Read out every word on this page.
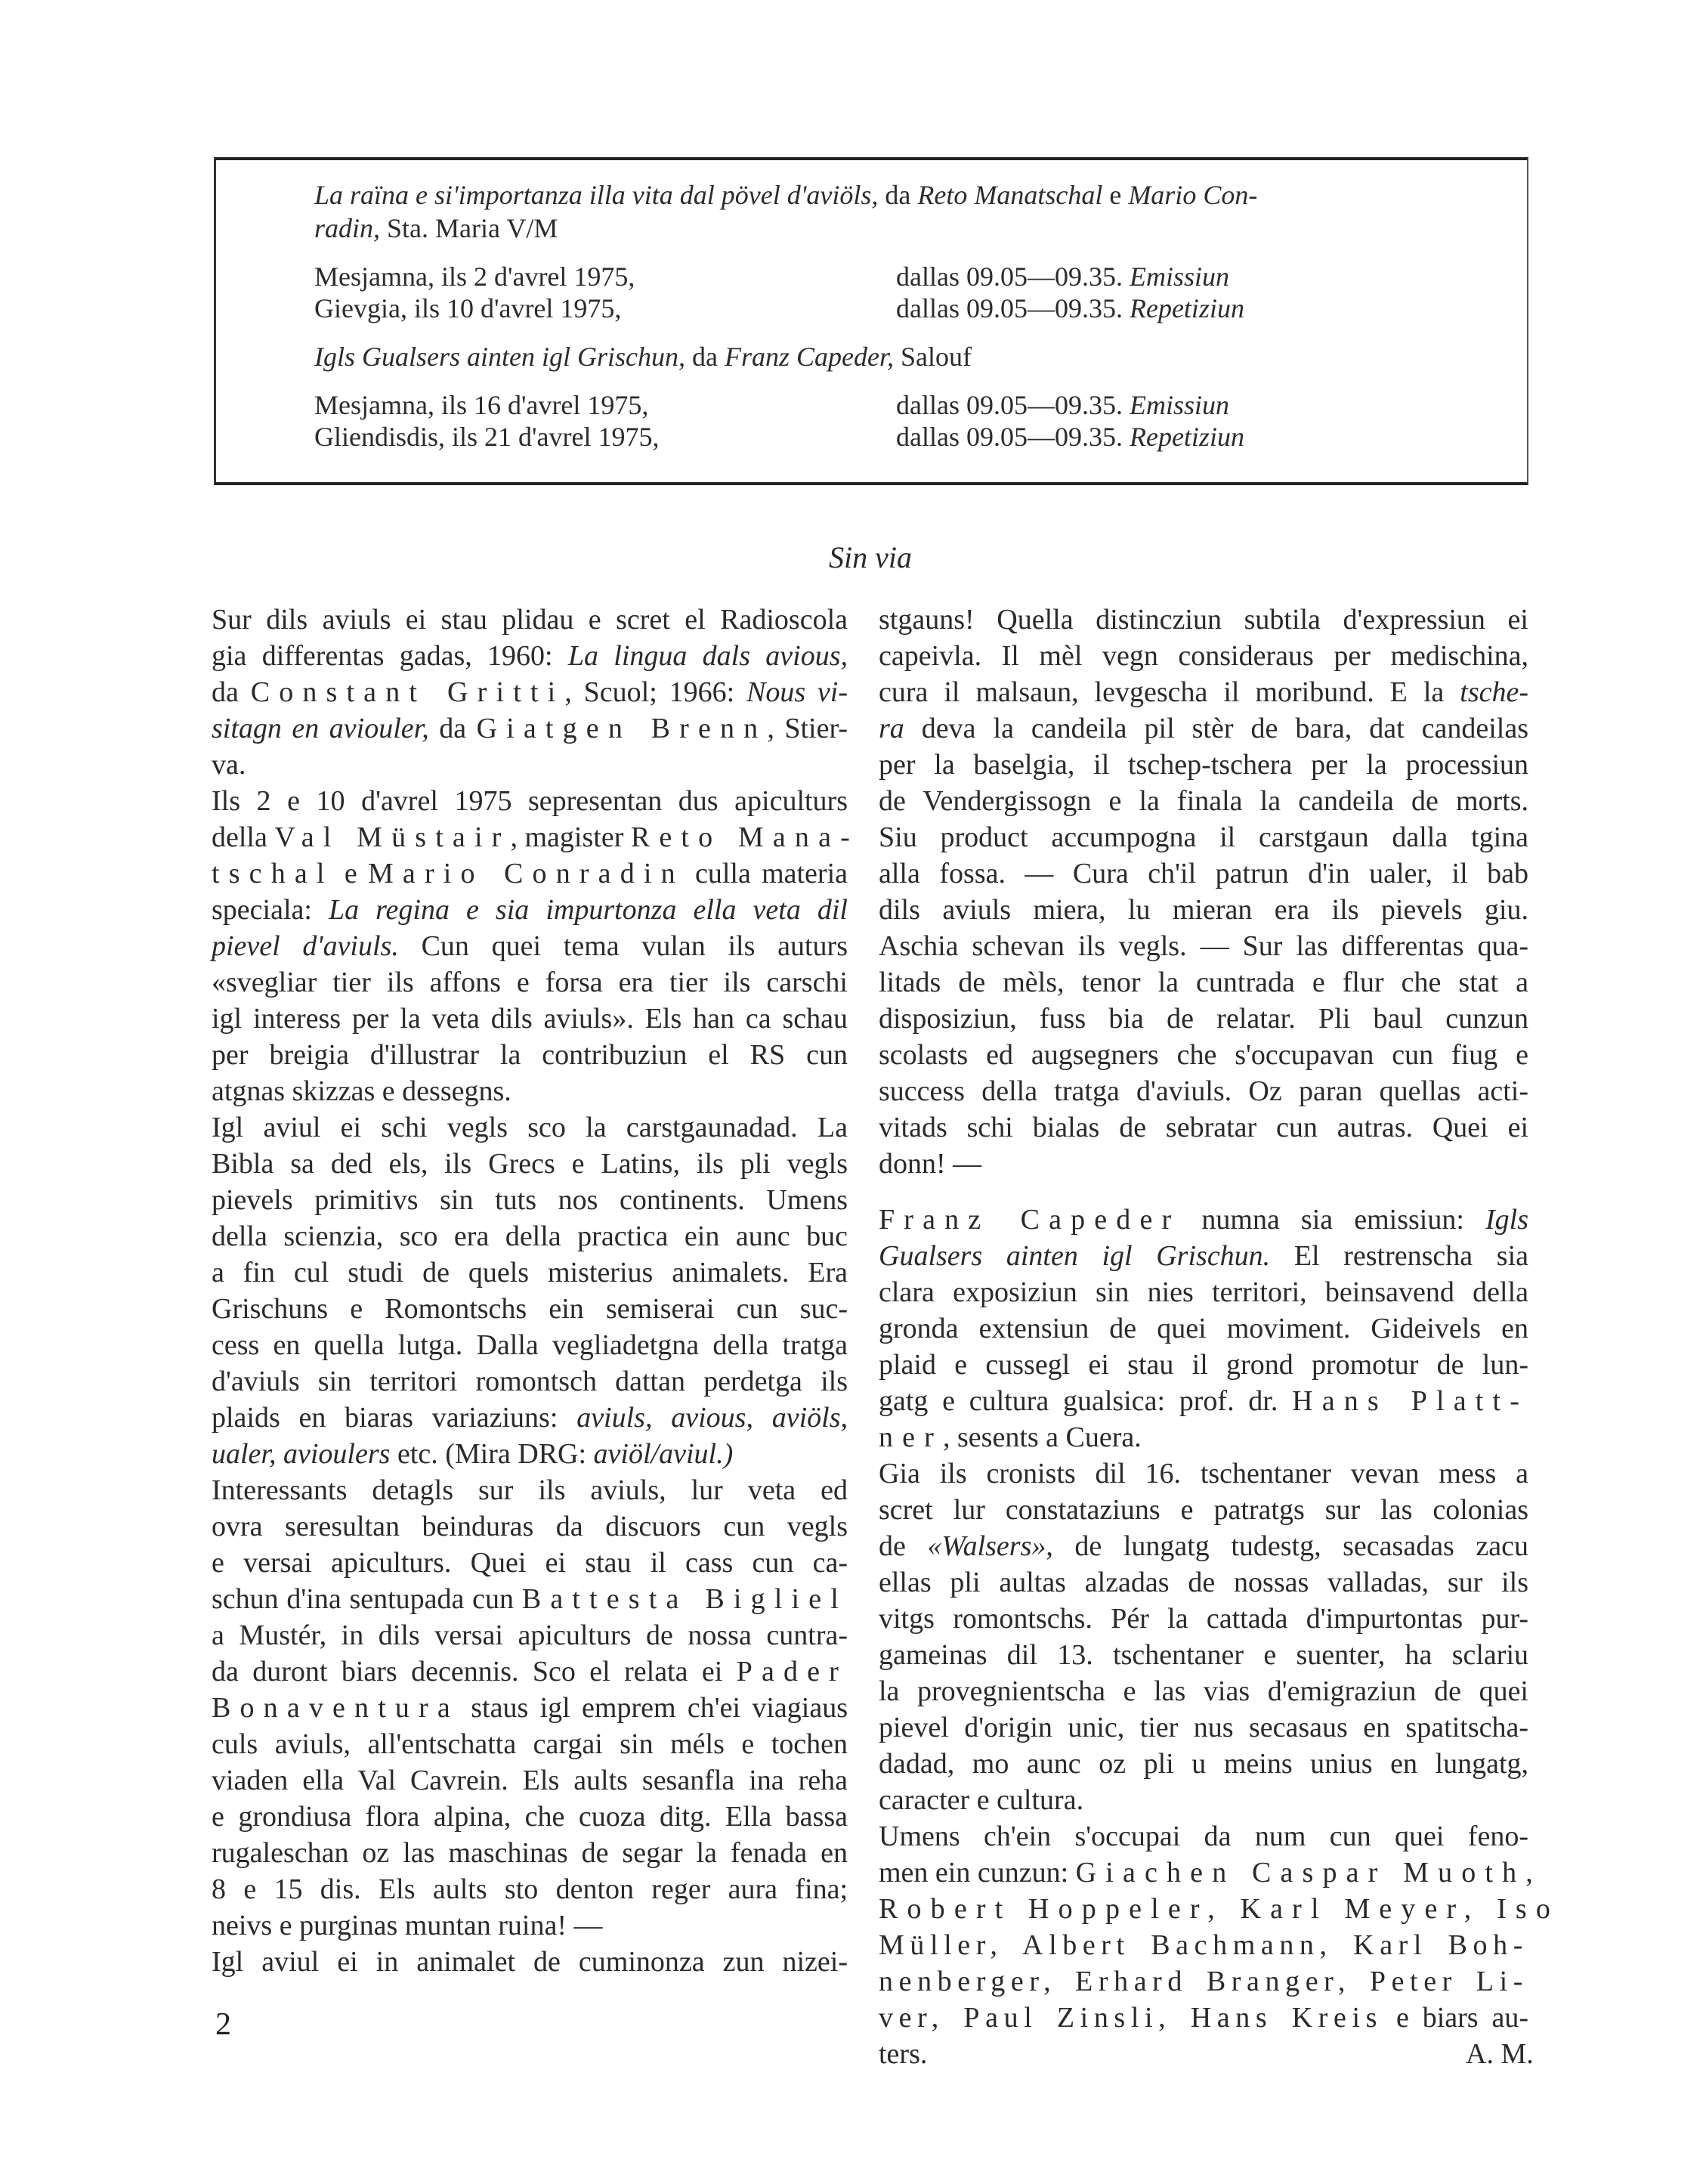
La raïna e si'importanza illa vita dal pövel d'aviöls, da Reto Manatschal e Mario Con-
radin, Sta. Maria V/M
Mesjamna, ils 2 d'avrel 1975,	dallas 09.05—09.35. Emissiun
Gievgia, ils 10 d'avrel 1975,	dallas 09.05—09.35. Repetiziun
Igls Gualsers ainten igl Grischun, da Franz Capeder, Salouf
Mesjamna, ils 16 d'avrel 1975,	dallas 09.05—09.35. Emissiun
Gliendisdis, ils 21 d'avrel 1975,	dallas 09.05—09.35. Repetiziun
Sin via
Sur dils aviuls ei stau plidau e scret el Radioscola
gia differentas gadas, 1960: La lingua dals avious,
da Constant Gritti, Scuol; 1966: Nous vi-
sitagn en aviouler, da Giatgen Brenn, Stier-
va.
Ils 2 e 10 d'avrel 1975 sepresentan dus apiculturs
della Val Müstair, magister Reto Mana-
tschal e Mario Conradin culla materia
speciala: La regina e sia impurtonza ella veta dil
pievel d'aviuls. Cun quei tema vulan ils auturs
«svegliar tier ils affons e forsa era tier ils carschi
igl interess per la veta dils aviuls». Els han ca schau
per breigia d'illustrar la contribuziun el RS cun
atgnas skizzas e dessegns.
Igl aviul ei schi vegls sco la carstgaunadad. La
Bibla sa ded els, ils Grecs e Latins, ils pli vegls
pievels primitivs sin tuts nos continents. Umens
della scienzia, sco era della practica ein aunc buc
a fin cul studi de quels misterius animalets. Era
Grischuns e Romontschs ein semiserai cun suc-
cess en quella lutga. Dalla vegliadetgna della tratga
d'aviuls sin territori romontsch dattan perdetga ils
plaids en biaras variaziuns: aviuls, avious, aviöls,
ualer, avioulers etc. (Mira DRG: aviöl/aviul.)
Interessants detagls sur ils aviuls, lur veta ed
ovra seresultan beinduras da discuors cun vegls
e versai apiculturs. Quei ei stau il cass cun ca-
schun d'ina sentupada cun Battesta Bigliel
a Mustér, in dils versai apiculturs de nossa cuntra-
da duront biars decennis. Sco el relata ei Pader
Bonaventura staus igl emprem ch'ei viagiaus
culs aviuls, all'entschatta cargai sin méls e tochen
viaden ella Val Cavrein. Els aults sesanfla ina reha
e grondiusa flora alpina, che cuoza ditg. Ella bassa
stgauns! Quella distincziun subtila d'expressiun ei
capeivla. Il mèl vegn consideraus per medischina,
cura il malsaun, levgescha il moribund. E la tsche-
ra deva la candeila pil stèr de bara, dat candeilas
per la baselgia, il tschep-tschera per la processiun
de Vendergissogn e la finala la candeila de morts.
Siu product accumpogna il carstgaun dalla tgina
alla fossa. — Cura ch'il patrun d'in ualer, il bab
dils aviuls miera, lu mieran era ils pievels giu.
Aschia schevan ils vegls. — Sur las differentas qua-
litads de mèls, tenor la cuntrada e flur che stat a
disposiziun, fuss bia de relatar. Pli baul cunzun
scolasts ed augsegners che s'occupavan cun fiug e
success della tratga d'aviuls. Oz paran quellas acti-
vitads schi bialas de sebratar cun autras. Quei ei
donn! —
Franz Capeder numna sia emissiun: Igls
Gualsers ainten igl Grischun. El restrenscha sia
clara exposiziun sin nies territori, beinsavend della
gronda extensiun de quei moviment. Gideivels en
plaid e cussegl ei stau il grond promotur de lun-
gatg e cultura gualsica: prof. dr. Hans Platt-
ner, sesents a Cuera.
Gia ils cronists dil 16. tschentaner vevan mess a
scret lur constataziuns e patratgs sur las colonias
de «Walsers», de lungatg tudestg, secasadas zacu
ellas pli aultas alzadas de nossas valladas, sur ils
vitgs romontschs. Pér la cattada d'impurtontas pur-
gameinas dil 13. tschentaner e suenter, ha sclariu
la provegnientscha e las vias d'emigraziun de quei
pievel d'origin unic, tier nus secasaus en spatitscha-
dadad, mo aunc oz pli u meins unius en lungatg,
caracter e cultura.
Umens ch'ein s'occupai da num cun quei feno-
men ein cunzun: Giachen Caspar Muoth,
Robert Hoppeler, Karl Meyer, Iso
Müller, Albert Bachmann, Karl Boh-
nenberger, Erhard Branger, Peter Li-
ver, Paul Zinsli, Hans Kreis e biars au-
ters.	A. M.
rugaleschan oz las maschinas de segar la fenada en
8 e 15 dis. Els aults sto denton reger aura fina;
neivs e purginas muntan ruina! —
Igl aviul ei in animalet de cuminonza zun nizei-
2
